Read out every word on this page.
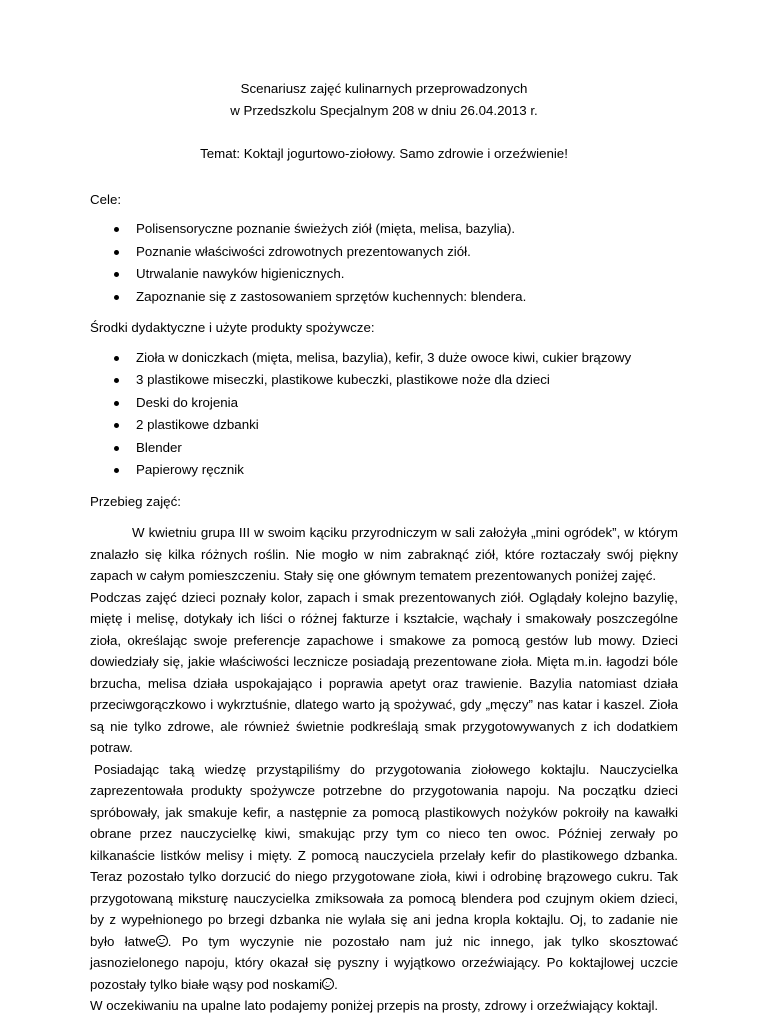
Scenariusz zajęć kulinarnych przeprowadzonych
w Przedszkolu Specjalnym 208 w dniu 26.04.2013 r.
Temat: Koktajl jogurtowo-ziołowy. Samo zdrowie i orzeźwienie!
Cele:
Polisensoryczne poznanie świeżych ziół (mięta, melisa, bazylia).
Poznanie właściwości zdrowotnych prezentowanych ziół.
Utrwalanie nawyków higienicznych.
Zapoznanie się z zastosowaniem sprzętów kuchennych: blendera.
Środki dydaktyczne i użyte produkty spożywcze:
Zioła w doniczkach (mięta, melisa, bazylia), kefir, 3 duże owoce kiwi, cukier brązowy
3 plastikowe miseczki, plastikowe kubeczki, plastikowe noże dla dzieci
Deski do krojenia
2 plastikowe dzbanki
Blender
Papierowy ręcznik
Przebieg zajęć:

W kwietniu grupa III w swoim kąciku przyrodniczym w sali założyła „mini ogródek”, w którym znalazło się kilka różnych roślin. Nie mogło w nim zabraknąć ziół, które roztaczały swój piękny zapach w całym pomieszczeniu. Stały się one głównym tematem prezentowanych poniżej zajęć.

Podczas zajęć dzieci poznały kolor, zapach i smak prezentowanych ziół. Oglądały kolejno bazylię, miętę i melisę, dotykały ich liści o różnej fakturze i kształcie, wąchały i smakowały poszczególne zioła, określając swoje preferencje zapachowe i smakowe za pomocą gestów lub mowy. Dzieci dowiedziały się, jakie właściwości lecznicze posiadają prezentowane zioła. Mięta m.in. łagodzi bóle brzucha, melisa działa uspokajająco i poprawia apetyt oraz trawienie. Bazylia natomiast działa przeciwgorączkowo i wykrztuśnie, dlatego warto ją spożywać, gdy „męczy” nas katar i kaszel. Zioła są nie tylko zdrowe, ale również świetnie podkreślają smak przygotowywanych z ich dodatkiem potraw.

Posiadając taką wiedzę przystąpiliśmy do przygotowania ziołowego koktajlu. Nauczycielka zaprezentowała produkty spożywcze potrzebne do przygotowania napoju. Na początku dzieci spróbowały, jak smakuje kefir, a następnie za pomocą plastikowych nożyków pokroiły na kawałki obrane przez nauczycielkę kiwi, smakując przy tym co nieco ten owoc. Później zerwały po kilkanaście listków melisy i mięty. Z pomocą nauczyciela przelały kefir do plastikowego dzbanka. Teraz pozostało tylko dorzucić do niego przygotowane zioła, kiwi i odrobinę brązowego cukru. Tak przygotowaną miksturę nauczycielka zmiksowała za pomocą blendera pod czujnym okiem dzieci, by z wypełnionego po brzegi dzbanka nie wylała się ani jedna kropla koktajlu. Oj, to zadanie nie było łatwe . Po tym wyczynie nie pozostało nam już nic innego, jak tylko skosztować jasnozielonego napoju, który okazał się pyszny i wyjątkowo orzeźwiający. Po koktajlowej uczcie pozostały tylko białe wąsy pod noskami .

W oczekiwaniu na upalne lato podajemy poniżej przepis na prosty, zdrowy i orzeźwiający koktajl.
